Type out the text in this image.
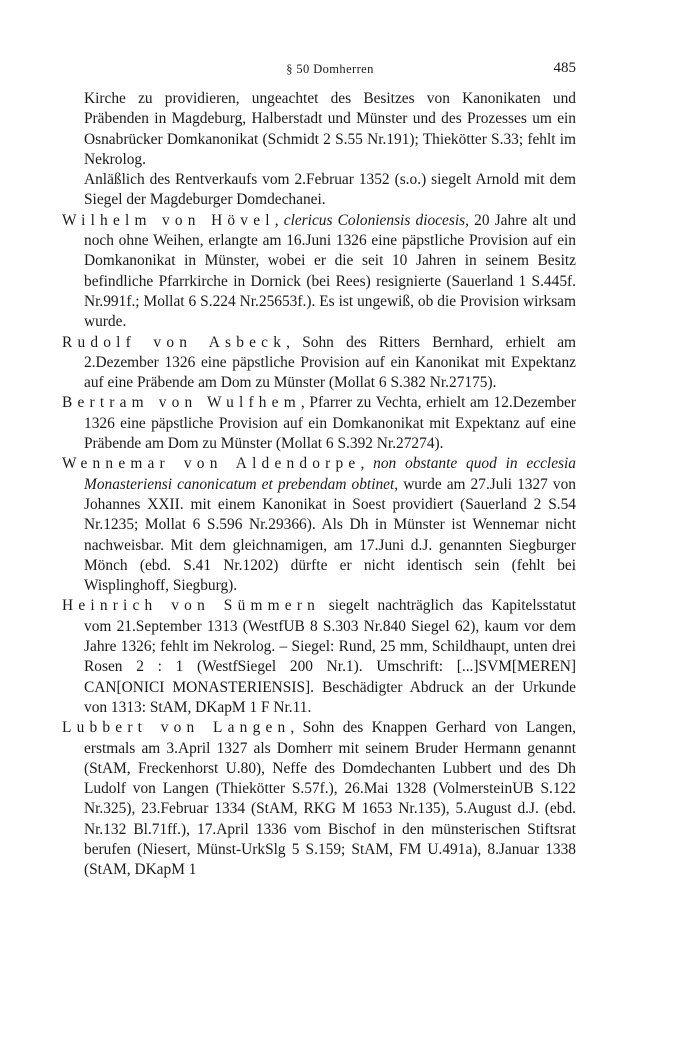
§ 50 Domherren	485

Kirche zu providieren, ungeachtet des Besitzes von Kanonikaten und Präbenden in Magdeburg, Halberstadt und Münster und des Prozesses um ein Osnabrücker Domkanonikat (Schmidt 2 S.55 Nr.191); Thiekötter S.33; fehlt im Nekrolog.

Anläßlich des Rentverkaufs vom 2.Februar 1352 (s.o.) siegelt Arnold mit dem Siegel der Magdeburger Domdechanei.

Wilhelm von Hövel, clericus Coloniensis diocesis, 20 Jahre alt und noch ohne Weihen, erlangte am 16.Juni 1326 eine päpstliche Provision auf ein Domkanonikat in Münster, wobei er die seit 10 Jahren in seinem Besitz befindliche Pfarrkirche in Dornick (bei Rees) resignierte (Sauerland 1 S.445f. Nr.991f.; Mollat 6 S.224 Nr.25653f.). Es ist ungewiß, ob die Provision wirksam wurde.

Rudolf von Asbeck, Sohn des Ritters Bernhard, erhielt am 2.Dezember 1326 eine päpstliche Provision auf ein Kanonikat mit Expektanz auf eine Präbende am Dom zu Münster (Mollat 6 S.382 Nr.27175).

Bertram von Wulfhem, Pfarrer zu Vechta, erhielt am 12.Dezember 1326 eine päpstliche Provision auf ein Domkanonikat mit Expektanz auf eine Präbende am Dom zu Münster (Mollat 6 S.392 Nr.27274).

Wennemar von Aldendorpe, non obstante quod in ecclesia Monasteriensi canonicatum et prebendam obtinet, wurde am 27.Juli 1327 von Johannes XXII. mit einem Kanonikat in Soest providiert (Sauerland 2 S.54 Nr.1235; Mollat 6 S.596 Nr.29366). Als Dh in Münster ist Wennemar nicht nachweisbar. Mit dem gleichnamigen, am 17.Juni d.J. genannten Siegburger Mönch (ebd. S.41 Nr.1202) dürfte er nicht identisch sein (fehlt bei Wisplinghoff, Siegburg).

Heinrich von Sümmern siegelt nachträglich das Kapitelsstatut vom 21.September 1313 (WestfUB 8 S.303 Nr.840 Siegel 62), kaum vor dem Jahre 1326; fehlt im Nekrolog. – Siegel: Rund, 25 mm, Schildhaupt, unten drei Rosen 2 : 1 (WestfSiegel 200 Nr.1). Umschrift: [...]SVM[MEREN] CAN[ONICI MONASTERIENSIS]. Beschädigter Abdruck an der Urkunde von 1313: StAM, DKapM 1 F Nr.11.

Lubbert von Langen, Sohn des Knappen Gerhard von Langen, erstmals am 3.April 1327 als Domherr mit seinem Bruder Hermann genannt (StAM, Freckenhorst U.80), Neffe des Domdechanten Lubbert und des Dh Ludolf von Langen (Thiekötter S.57f.), 26.Mai 1328 (VolmersteinUB S.122 Nr.325), 23.Februar 1334 (StAM, RKG M 1653 Nr.135), 5.August d.J. (ebd. Nr.132 Bl.71ff.), 17.April 1336 vom Bischof in den münsterischen Stiftsrat berufen (Niesert, Münst-UrkSlg 5 S.159; StAM, FM U.491a), 8.Januar 1338 (StAM, DKapM 1
